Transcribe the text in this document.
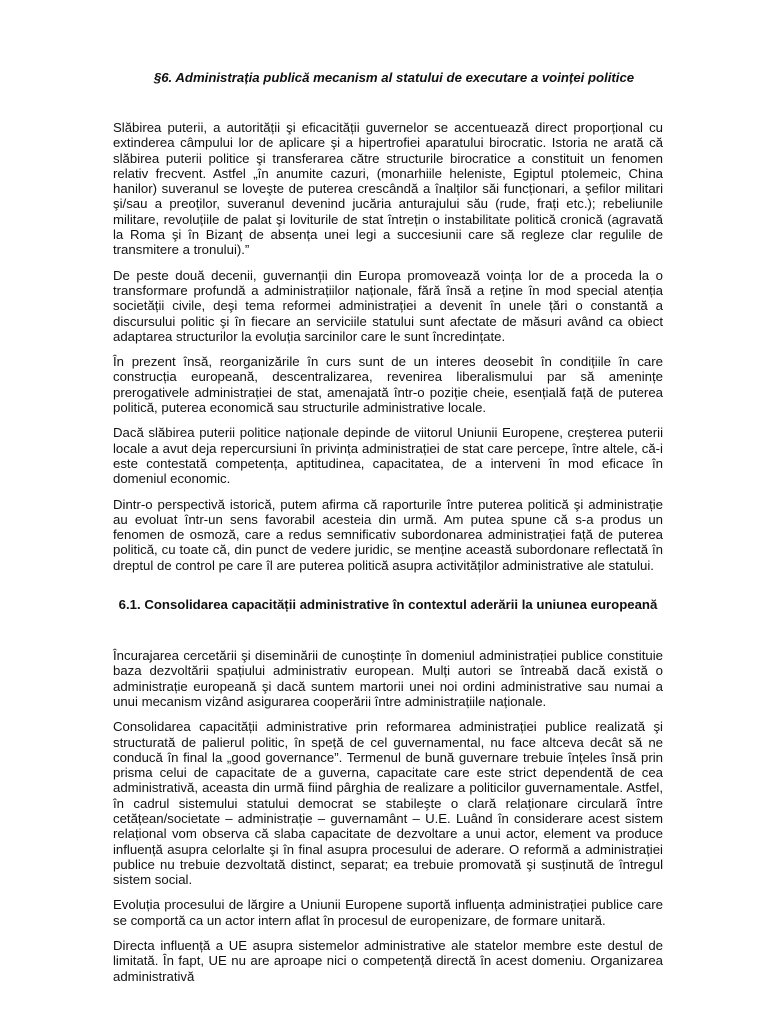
§6. Administrația publică mecanism al statului de executare a voinței politice

Slăbirea puterii, a autorității şi eficacității guvernelor se accentuează direct proporțional cu extinderea câmpului lor de aplicare şi a hipertrofiei aparatului birocratic. Istoria ne arată că slăbirea puterii politice şi transferarea către structurile birocratice a constituit un fenomen relativ frecvent. Astfel „în anumite cazuri, (monarhiile heleniste, Egiptul ptolemeic, China hanilor) suveranul se loveşte de puterea crescândă a înalților săi funcționari, a şefilor militari şi/sau a preoților, suveranul devenind jucăria anturajului său (rude, frați etc.); rebeliunile militare, revoluțiile de palat şi loviturile de stat întrețin o instabilitate politică cronică (agravată la Roma şi în Bizanț de absența unei legi a succesiunii care să regleze clar regulile de transmitere a tronului).”

De peste două decenii, guvernanții din Europa promovează voința lor de a proceda la o transformare profundă a administrațiilor naționale, fără însă a reține în mod special atenția societății civile, deşi tema reformei administrației a devenit în unele țări o constantă a discursului politic şi în fiecare an serviciile statului sunt afectate de măsuri având ca obiect adaptarea structurilor la evoluția sarcinilor care le sunt încredințate.

În prezent însă, reorganizările în curs sunt de un interes deosebit în condițiile în care construcția europeană, descentralizarea, revenirea liberalismului par să amenințe prerogativele administrației de stat, amenajată într-o poziție cheie, esențială față de puterea politică, puterea economică sau structurile administrative locale.

Dacă slăbirea puterii politice naționale depinde de viitorul Uniunii Europene, creşterea puterii locale a avut deja repercursiuni în privința administrației de stat care percepe, între altele, că-i este contestată competența, aptitudinea, capacitatea, de a interveni în mod eficace în domeniul economic.

Dintr-o perspectivă istorică, putem afirma că raporturile între puterea politică şi administrație au evoluat într-un sens favorabil acesteia din urmă. Am putea spune că s-a produs un fenomen de osmoză, care a redus semnificativ subordonarea administrației față de puterea politică, cu toate că, din punct de vedere juridic, se menține această subordonare reflectată în dreptul de control pe care îl are puterea politică asupra activităților administrative ale statului.

6.1. Consolidarea capacității administrative în contextul aderării la uniunea europeană

Încurajarea cercetării şi diseminării de cunoştințe în domeniul administrației publice constituie baza dezvoltării spațiului administrativ european. Mulți autori se întreabă dacă există o administrație europeană şi dacă suntem martorii unei noi ordini administrative sau numai a unui mecanism vizând asigurarea cooperării între administrațiile naționale.

Consolidarea capacității administrative prin reformarea administrației publice realizată şi structurată de palierul politic, în speță de cel guvernamental, nu face altceva decât să ne conducă în final la „good governance”. Termenul de bună guvernare trebuie înțeles însă prin prisma celui de capacitate de a guverna, capacitate care este strict dependentă de cea administrativă, aceasta din urmă fiind pârghia de realizare a politicilor guvernamentale. Astfel, în cadrul sistemului statului democrat se stabileşte o clară relaționare circulară între cetățean/societate – administrație – guvernamânt – U.E. Luând în considerare acest sistem relațional vom observa că slaba capacitate de dezvoltare a unui actor, element va produce influență asupra celorlalte şi în final asupra procesului de aderare. O reformă a administrației publice nu trebuie dezvoltată distinct, separat; ea trebuie promovată şi susținută de întregul sistem social.

Evoluția procesului de lărgire a Uniunii Europene suportă influența administrației publice care se comportă ca un actor intern aflat în procesul de europenizare, de formare unitară.

Directa influență a UE asupra sistemelor administrative ale statelor membre este destul de limitată. În fapt, UE nu are aproape nici o competență directă în acest domeniu. Organizarea administrativă
